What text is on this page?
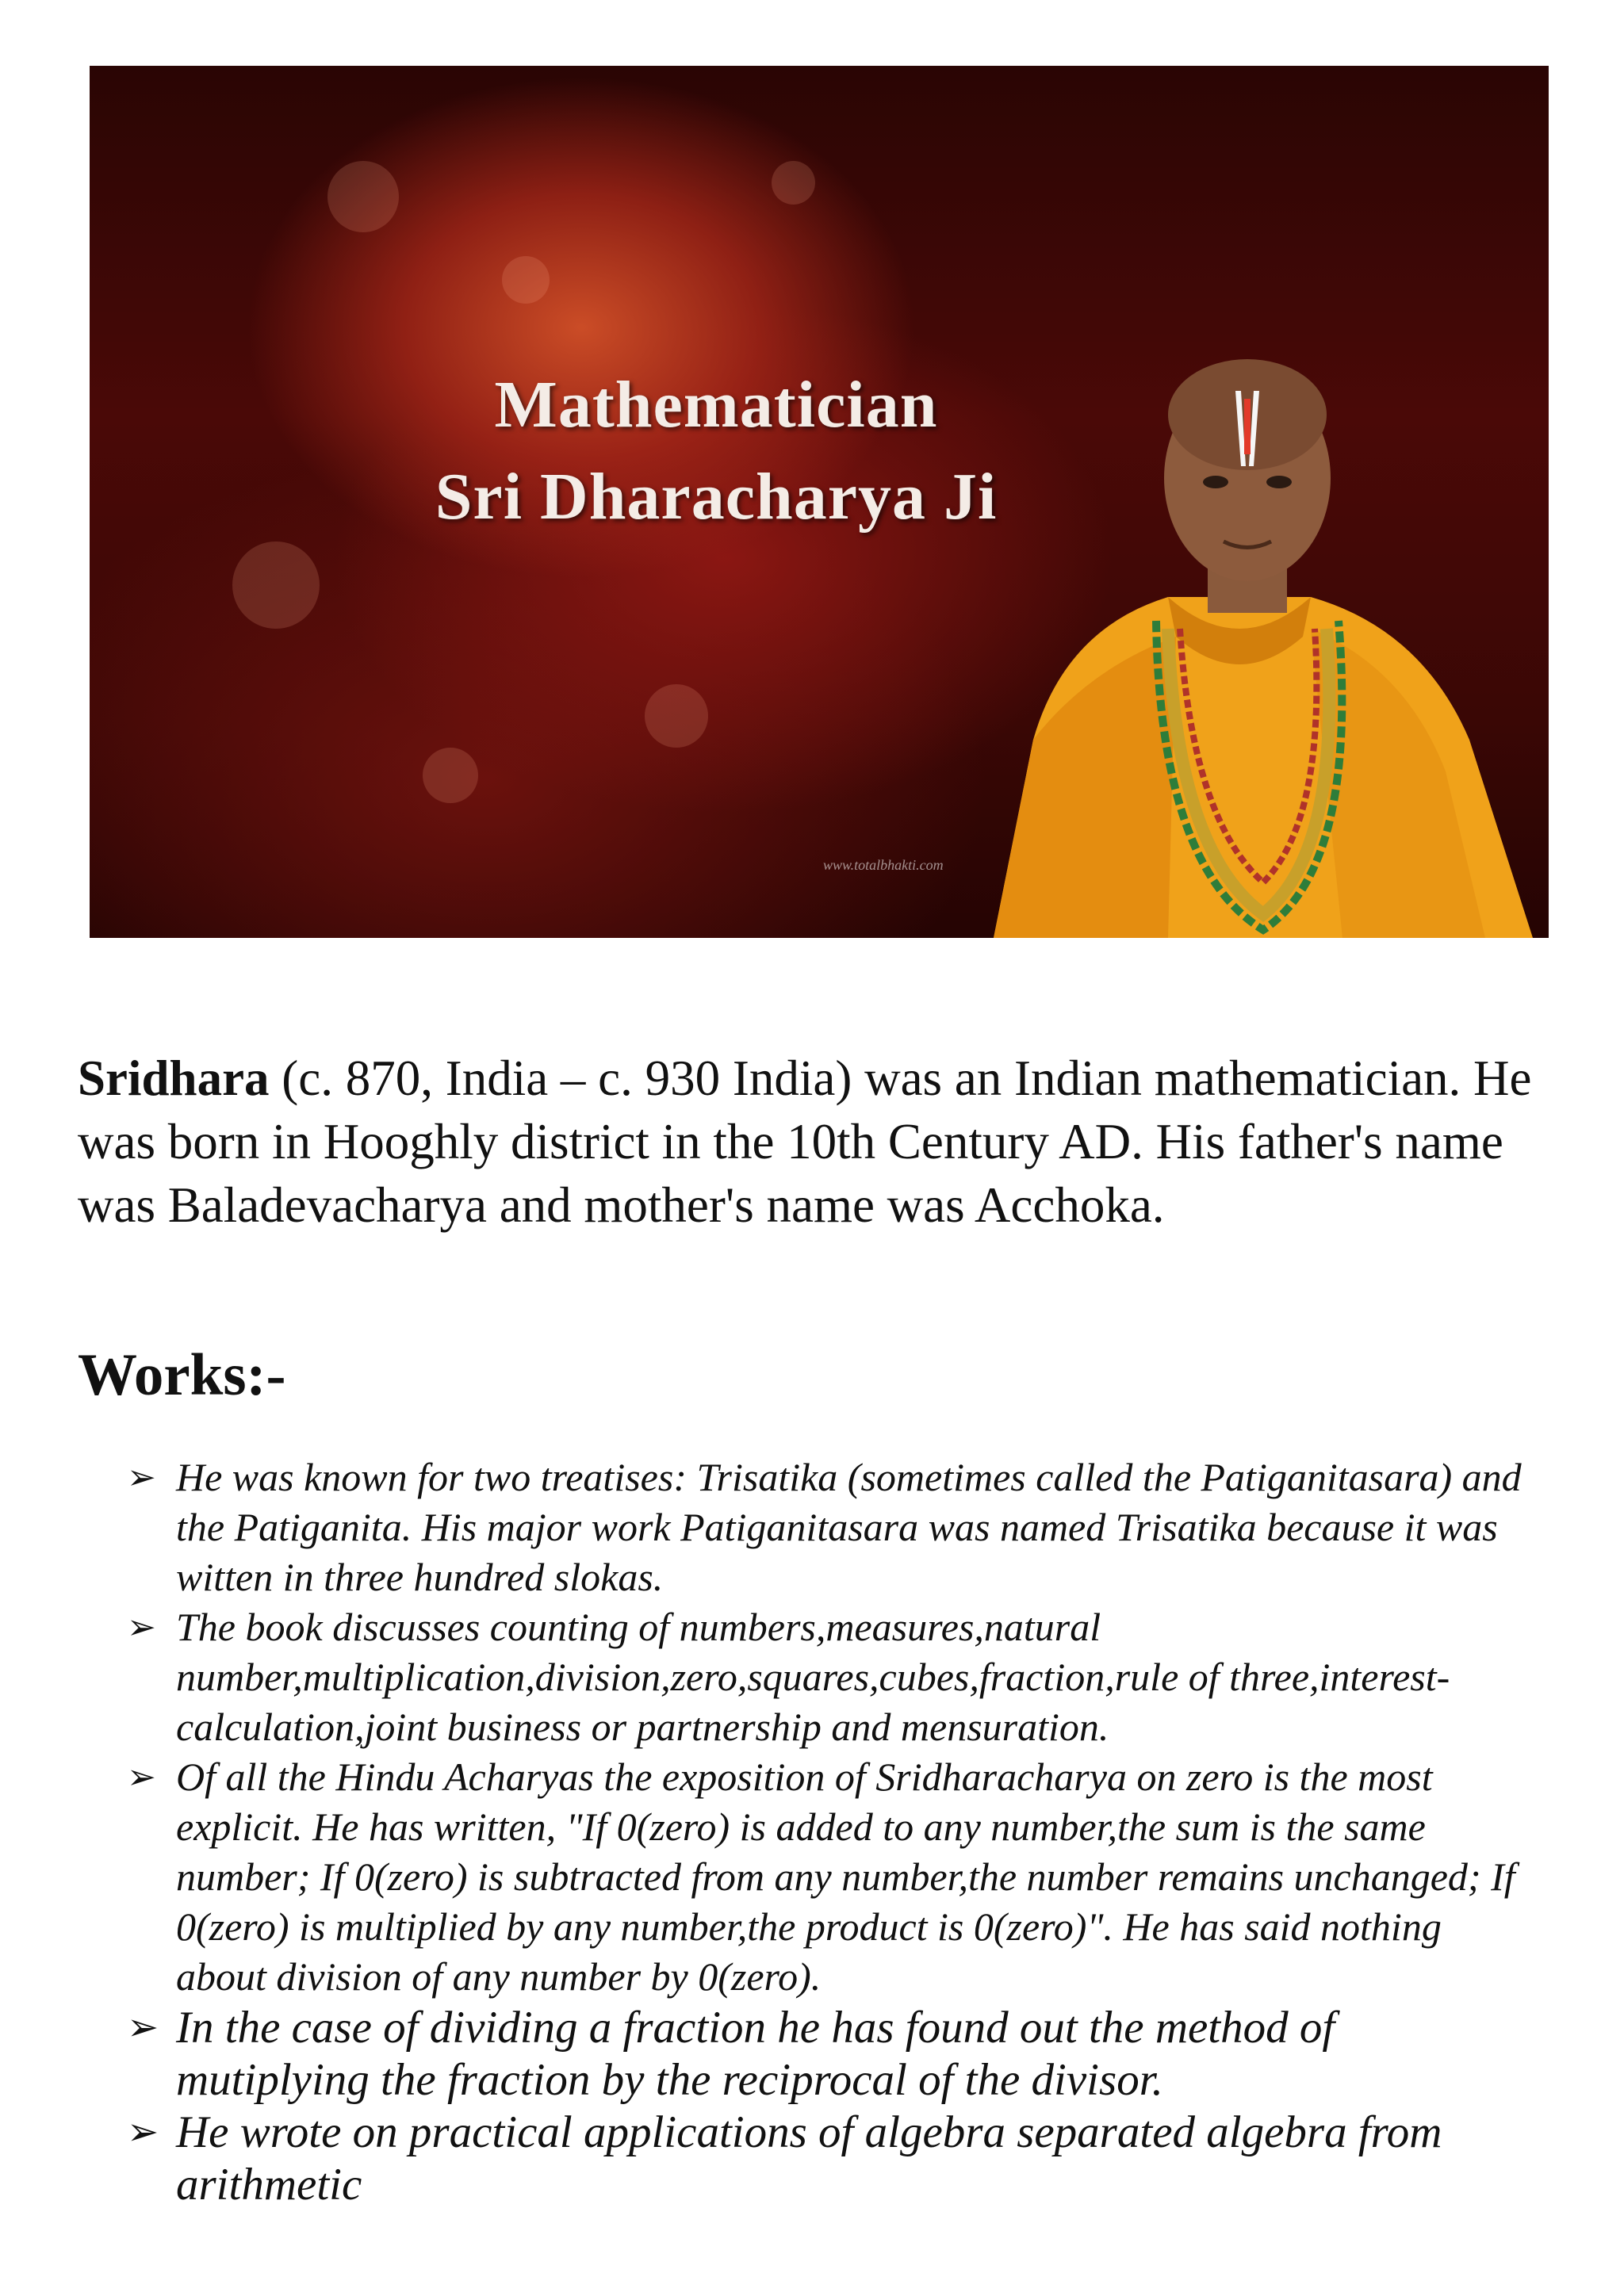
Mathematician
Sri Dharacharya Ji
www.totalbhakti.com

Sridhara (c. 870, India – c. 930 India) was an Indian mathematician. He was born in Hooghly district in the 10th Century AD. His father's name was Baladevacharya and mother's name was Acchoka.

Works:-
➢ He was known for two treatises: Trisatika (sometimes called the Patiganitasara) and the Patiganita. His major work Patiganitasara was named Trisatika because it was witten in three hundred slokas.
➢ The book discusses counting of numbers,measures,natural number,multiplication,division,zero,squares,cubes,fraction,rule of three,interest-calculation,joint business or partnership and mensuration.
➢ Of all the Hindu Acharyas the exposition of Sridharacharya on zero is the most explicit. He has written, "If 0(zero) is added to any number,the sum is the same number; If 0(zero) is subtracted from any number,the number remains unchanged; If 0(zero) is multiplied by any number,the product is 0(zero)". He has said nothing about division of any number by 0(zero).
➢ In the case of dividing a fraction he has found out the method of mutiplying the fraction by the reciprocal of the divisor.
➢ He wrote on practical applications of algebra separated algebra from arithmetic
